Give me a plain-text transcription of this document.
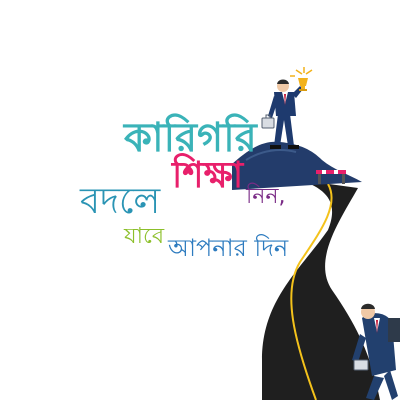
কারিগরি
শিক্ষা
নিন,
বদলে
যাবে আপনার দিন
